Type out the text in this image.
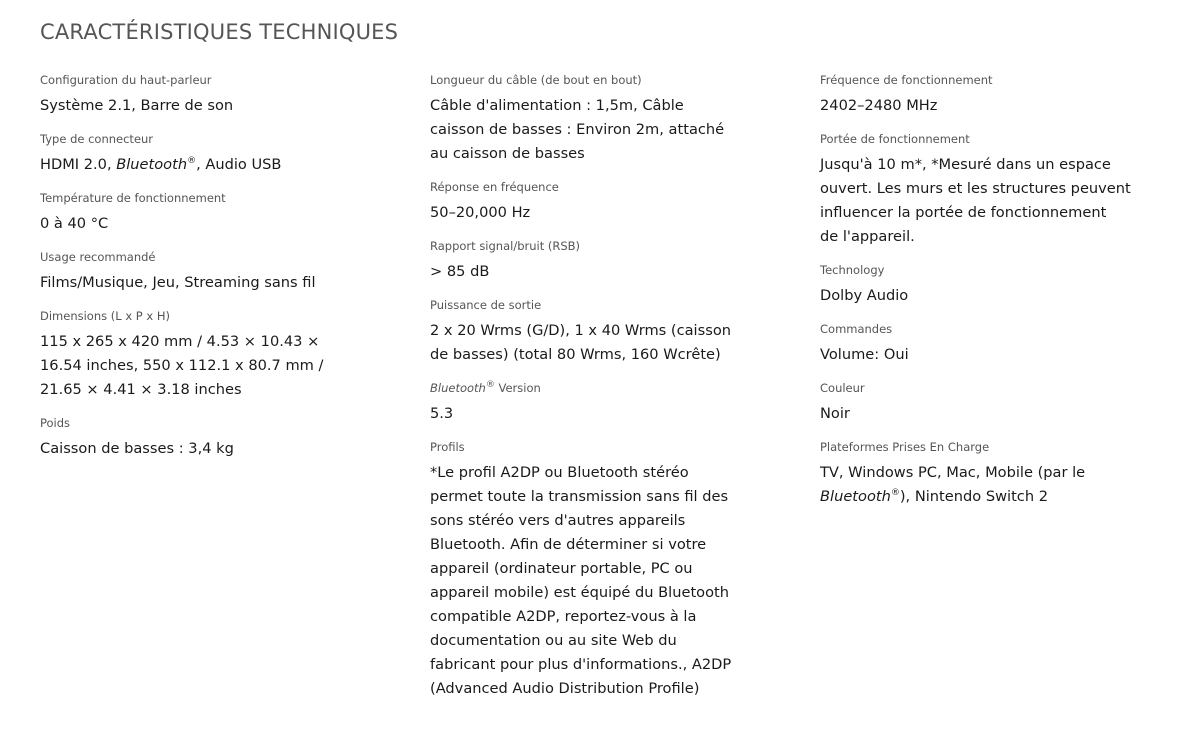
CARACTÉRISTIQUES TECHNIQUES
Configuration du haut-parleur
Système 2.1, Barre de son
Type de connecteur
HDMI 2.0, Bluetooth®, Audio USB
Température de fonctionnement
0 à 40 °C
Usage recommandé
Films/Musique, Jeu, Streaming sans fil
Dimensions (L x P x H)
115 x 265 x 420 mm / 4.53 × 10.43 ×
16.54 inches, 550 x 112.1 x 80.7 mm /
21.65 × 4.41 × 3.18 inches
Poids
Caisson de basses : 3,4 kg
Longueur du câble (de bout en bout)
Câble d'alimentation : 1,5m, Câble
caisson de basses : Environ 2m, attaché
au caisson de basses
Réponse en fréquence
50–20,000 Hz
Rapport signal/bruit (RSB)
> 85 dB
Puissance de sortie
2 x 20 Wrms (G/D), 1 x 40 Wrms (caisson
de basses) (total 80 Wrms, 160 Wcrête)
Bluetooth® Version
5.3
Profils
*Le profil A2DP ou Bluetooth stéréo
permet toute la transmission sans fil des
sons stéréo vers d'autres appareils
Bluetooth. Afin de déterminer si votre
appareil (ordinateur portable, PC ou
appareil mobile) est équipé du Bluetooth
compatible A2DP, reportez-vous à la
documentation ou au site Web du
fabricant pour plus d'informations., A2DP
(Advanced Audio Distribution Profile)
Fréquence de fonctionnement
2402–2480 MHz
Portée de fonctionnement
Jusqu'à 10 m*, *Mesuré dans un espace
ouvert. Les murs et les structures peuvent
influencer la portée de fonctionnement
de l'appareil.
Technology
Dolby Audio
Commandes
Volume: Oui
Couleur
Noir
Plateformes Prises En Charge
TV, Windows PC, Mac, Mobile (par le
Bluetooth®), Nintendo Switch 2
